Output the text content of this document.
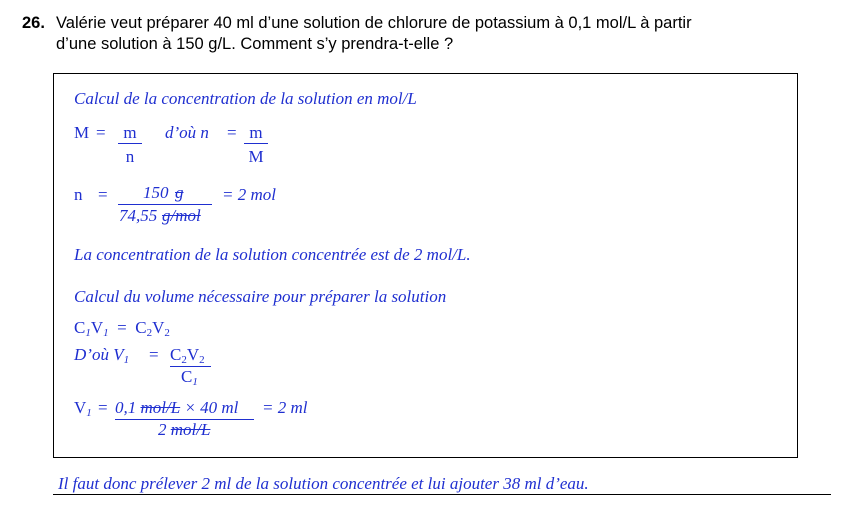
26. Valérie veut préparer 40 ml d’une solution de chlorure de potassium à 0,1 mol/L à partir
d’une solution à 150 g/L. Comment s’y prendra-t-elle ?
Calcul de la concentration de la solution en mol/L
M =	m
n
d’où n = m
M
n = 150 g
74,55 g/mol
= 2 mol
La concentration de la solution concentrée est de 2 mol/L.
Calcul du volume nécessaire pour préparer la solution
$C_1V_1 = C_2V_2$
D’où $V_1 = C_2V_2$
$C_1$
$V_1 = 0,1$ mol/L × 40 ml
2 mol/L
= 2 ml
Il faut donc prélever 2 ml de la solution concentrée et lui ajouter 38 ml d’eau.
